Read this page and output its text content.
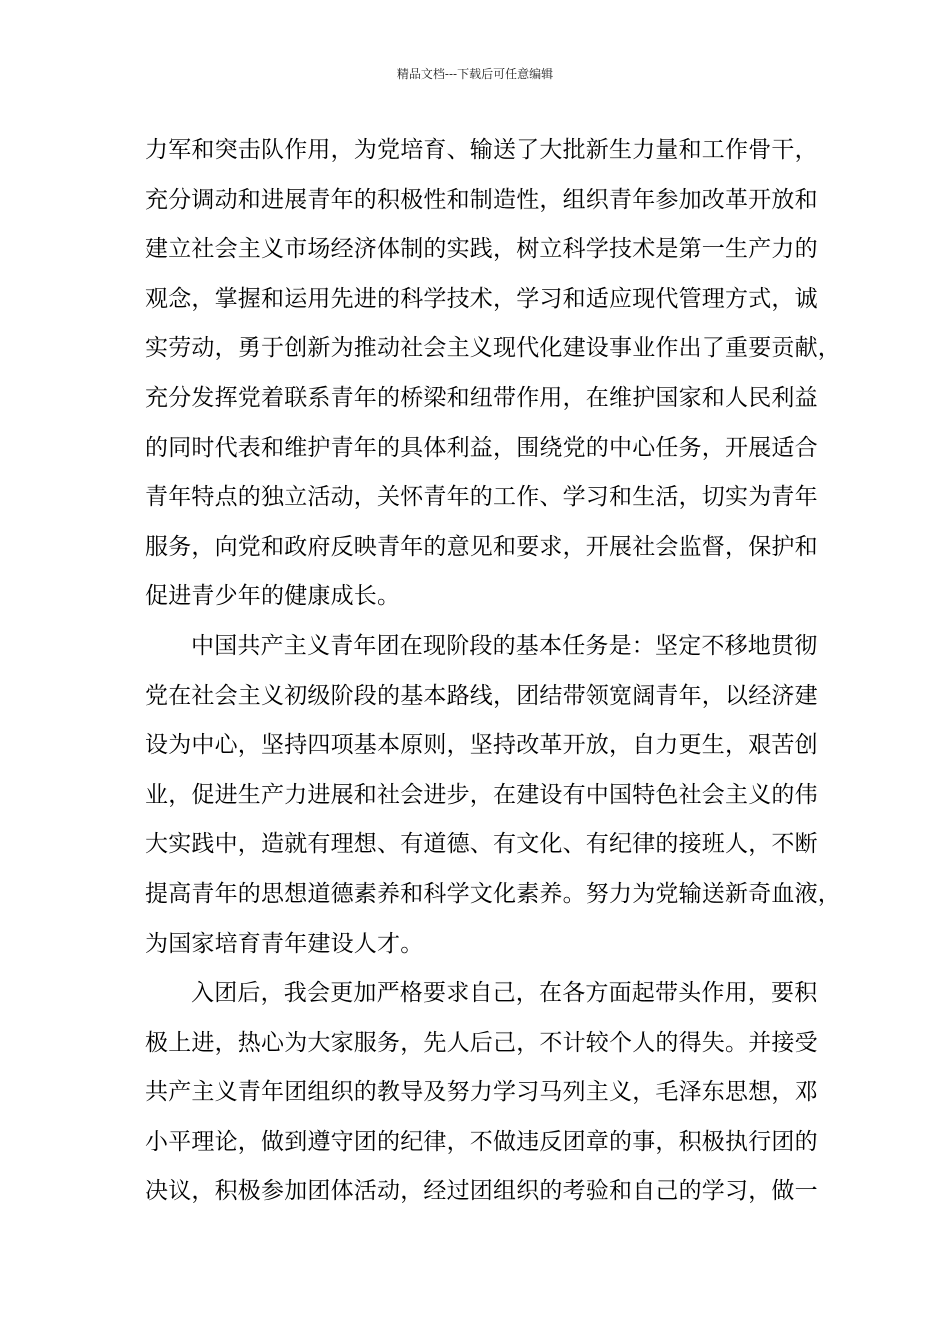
精品文档---下载后可任意编辑
力军和突击队作用，为党培育、输送了大批新生力量和工作骨干，
充分调动和进展青年的积极性和制造性，组织青年参加改革开放和
建立社会主义市场经济体制的实践，树立科学技术是第一生产力的
观念，掌握和运用先进的科学技术，学习和适应现代管理方式，诚
实劳动，勇于创新为推动社会主义现代化建设事业作出了重要贡献，
充分发挥党着联系青年的桥梁和纽带作用，在维护国家和人民利益
的同时代表和维护青年的具体利益，围绕党的中心任务，开展适合
青年特点的独立活动，关怀青年的工作、学习和生活，切实为青年
服务，向党和政府反映青年的意见和要求，开展社会监督，保护和
促进青少年的健康成长。
中国共产主义青年团在现阶段的基本任务是：坚定不移地贯彻
党在社会主义初级阶段的基本路线，团结带领宽阔青年，以经济建
设为中心，坚持四项基本原则，坚持改革开放，自力更生，艰苦创
业，促进生产力进展和社会进步，在建设有中国特色社会主义的伟
大实践中，造就有理想、有道德、有文化、有纪律的接班人，不断
提高青年的思想道德素养和科学文化素养。努力为党输送新奇血液，
为国家培育青年建设人才。
入团后，我会更加严格要求自己，在各方面起带头作用，要积
极上进，热心为大家服务，先人后己，不计较个人的得失。并接受
共产主义青年团组织的教导及努力学习马列主义，毛泽东思想，邓
小平理论，做到遵守团的纪律，不做违反团章的事，积极执行团的
决议，积极参加团体活动，经过团组织的考验和自己的学习，做一
